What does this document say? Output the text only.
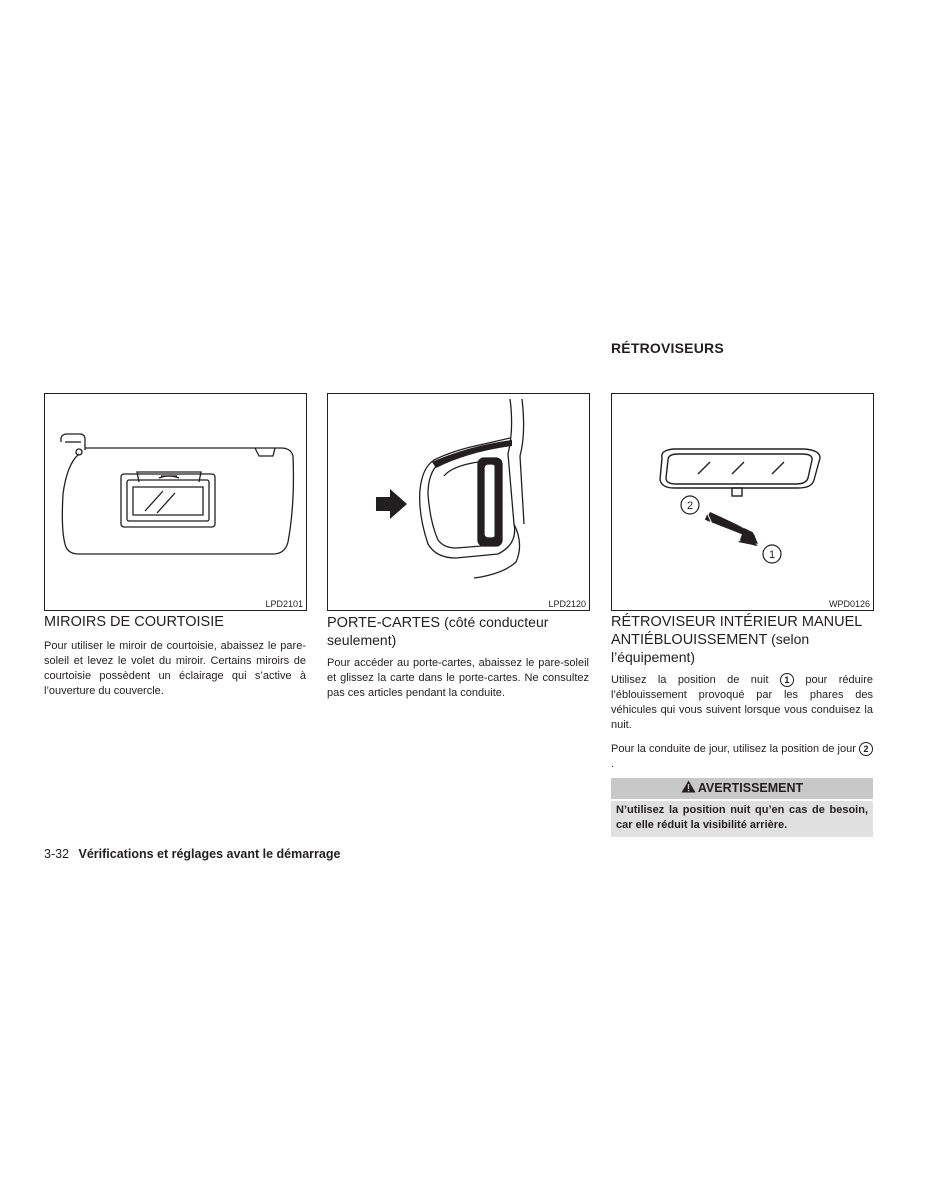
RÉTROVISEURS
LPD2101	LPD2120
2
1
WPD0126
MIROIRS DE COURTOISIE

Pour utiliser le miroir de courtoisie, abaissez le pare-soleil et levez le volet du miroir. Certains miroirs de courtoisie possèdent un éclairage qui s’active à l’ouverture du couvercle.

PORTE-CARTES (côté conducteur seulement)

Pour accéder au porte-cartes, abaissez le pare-soleil et glissez la carte dans le porte-cartes. Ne consultez pas ces articles pendant la conduite.

RÉTROVISEUR INTÉRIEUR MANUEL ANTIÉBLOUISSEMENT (selon l’équipement)

Utilisez la position de nuit 1 pour réduire l’éblouissement provoqué par les phares des véhicules qui vous suivent lorsque vous conduisez la nuit.

Pour la conduite de jour, utilisez la position de jour 2.

AVERTISSEMENT
N’utilisez la position nuit qu’en cas de besoin, car elle réduit la visibilité arrière.
3-32 Vérifications et réglages avant le démarrage
